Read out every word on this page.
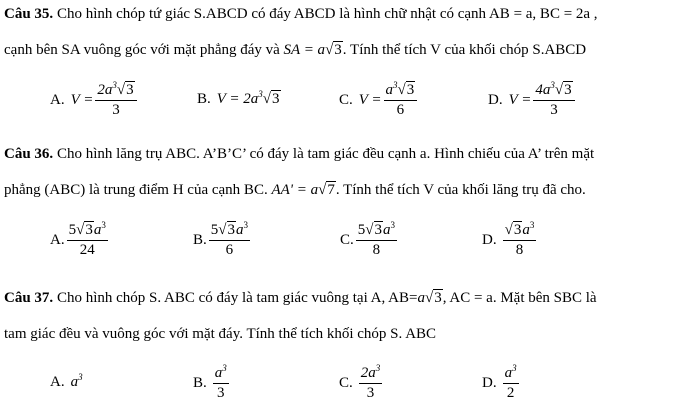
Câu 35. Cho hình chóp tứ giác S.ABCD có đáy ABCD là hình chữ nhật có cạnh AB = a, BC = 2a ,
cạnh bên SA vuông góc với mặt phẳng đáy và SA = a√3. Tính thể tích V của khối chóp S.ABCD
A. $V = \frac{2a^3√3}{3}$	B. $V = 2a^3√3$	C. $V = \frac{a^3√3}{6}$	D. $V = \frac{4a^3√3}{3}$
Câu 36. Cho hình lăng trụ ABC. A’B’C’ có đáy là tam giác đều cạnh a. Hình chiếu của A’ trên mặt
phẳng (ABC) là trung điểm H của cạnh BC. AA' = a√7. Tính thể tích V của khối lăng trụ đã cho.
A. $\frac{5√3a^3}{24}$	B. $\frac{5√3a^3}{6}$	C. $\frac{5√3a^3}{8}$	D. $\frac{√3a^3}{8}$
Câu 37. Cho hình chóp S. ABC có đáy là tam giác vuông tại A, AB=a√3, AC = a. Mặt bên SBC là
tam giác đều và vuông góc với mặt đáy. Tính thể tích khối chóp S. ABC
A. $a^3$	B. $\frac{a^3}{3}$	C. $\frac{2a^3}{3}$	D. $\frac{a^3}{2}$
